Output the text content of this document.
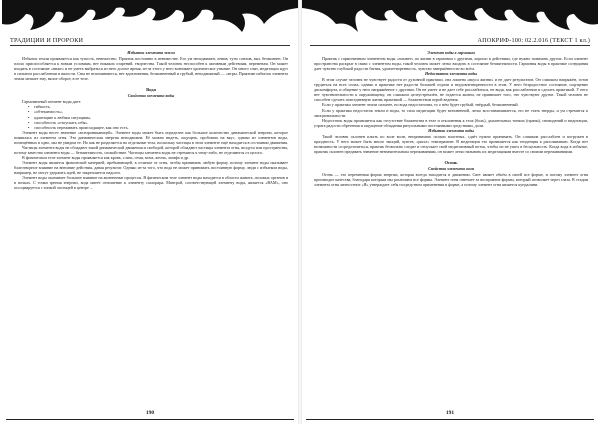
ТРАДИЦИИ И ПРОРОКИ
Избыток элемента земли

Избыток земли проявляется как тупость, невежество. Практик постоянно в невежестве. Его ум неподвижен, ленив, тупо сонлив, вял, безжизнен. Он плохо приспособляется к новым условиям, нет никаких озарений, творчества. Такой человек неспособен к активным действиям, переменам. Он может входить в состояние «ниже» и не уметь выбраться из него долгое время, из-за этого у него возникает хроническое уныние. Он много спит, медитации идут в сильном расслаблении и вялости. Сны не вспоминаются, нет вдохновения, безжизненный и грубый, неподвижный — «игры. Практике избыток элемента земли мешает ему, вялое оборот, в ее теле.

Вода
Свойства элемента воды

Гармоничный элемент воды дает:

• гибкость,
• «обтекаемость»,
• адаптацию к любым ситуациям,
• способность «отпускать себя»,
• способность переживать происходящее, как оно есть.

Элемент воды несет значение «всепроникающей». Элемент воды может быть определен как большое количество динамической энергии, которое появилась из элемента огня. Эта динамическая энергия неподвижна. Её можно видеть, ощущать, пробовать на вкус, однако из элементов воды, помещённых в одно, мы не увидим ее. Но как не разделяется на отдельные тела, поскольку частицы в этом элементе ещё находятся в состоянии движения.

Частицы элемента воды не обладают такой динамической движения и свободой, которой обладают частицы элемента огня, воздуха или пространства, потому качества элемента воды — безмятежность, спокойствие. Частицы элемента воды не стремятся к чему-либо, не отделяются от целого.

В физическом теле элемент воды проявляется как кровь, слизь, семя, моча, желчь, лимфа и др.

Элемент воды является физической материей, пребывающей, в отличие от огня, чтобы принимать любую форму, потому элемент воды оказывает благотворное влияние на внешние действия, давая результат. Однако из-за того, что вода не может принимать постоянную форму, люди с избытком воды, например, не могут удержать идей, не закрепляется надолго.

Элемент воды оказывает большое влияние на жизненные процессы. В физическом теле элемент воды находится в области живота, половых органов и в почках. С точки зрения энергии, вода имеет отношение к элементу сахасрара. Мантрой, соответствующей элементу воды, является «ВАМ», оно ассоциируется с тонкой частицей в центре ...

190
АПОКРИФ-100: 02.2.016 (ТЕКСТ 1 кл.)
Элемент воды в гармонии

Практик с гармоничным элементом воды «плывет» по жизни в гармонии с другими, хорошо в действиях, где нужно понимать других. Если элемент пространства раскрыт в связи с элементом воды, такой человек может легко входить в состояние безмятежности. Гармония воды в практике созерцания дает чувство глубокой радости бытия, удовлетворенность, чувство завершённости во всём.

Недостаток элемента воды

В этом случае человек не чувствует радости от духовной практики, она лишена «вкуса жизни» и не дает результатов. Он слишком напряжён, готов трудиться на всех силах, однако в практике нет радости большей отдачи и неудовлетворенности в этом. У него безрадостное состояние, ощущение дискомфорта, и общение у него напряжённое с другими. Он не умеет и не дает себе расслабиться, не видя, как расслаблении и сделать практикой. У него нет чувствительности к окружающему, он слишком целеустремлён, не отдается жизни, не принимает того, что чувствуют другие. Такой человек не способен сделать повседневную жизнь практикой — блаженством игрой ведения.

Если у практика элемент земли сильнее, но вода недостаточна, то о нём будет грубый, твёрдый, безжизненный.

Если у практика недостаток земли и воды, то сила медитации будет мгновенной, легко восстанавливается, его не стать тверды, и ум стремится к эмоциональности.

Недостаток воды проявляется как отсутствие блаженства в теле и отклонения к тела (боль), дыхательных тонких (праны), сновидений и медитации, утрата радости обретения и ощущение обладания ритуальными постоянными средствами, доли.

Избыток элемента воды

Такой человек склонен плыть по воле волн, непринимать сильно властных, сдаёт нужно принимать. Он слишком расслаблен и погружен в праздность. У него может быть много эмоций, чувств, «рыхл» темперамент. В медитации это проявляется как тенденция к расплыванию. Когда нет возможности сосредоточиться, практик безвольно следит и отпускает свой медитативный поток, чтобы он не ушел в бесцельность. Когда вода в избытке, практик склонен предавать значение незначительным переживаниям, он может легко называть их медитациями вместе со своими переживаниями.

Огонь
Свойства элемента огня

Огонь — это переменная форма энергии, которая всегда находится в движении. Свет являет объём в своей все форме, и потому элемент огня производит качества, благодаря которым мы различаем все формы. Элемент огня отвечает за восприятие формы, который позволяет через глаза. В стадии элемента огня личностное «Я» утверждает себя посредством применения в форме, а потому элемент огня является кундалини.

191
